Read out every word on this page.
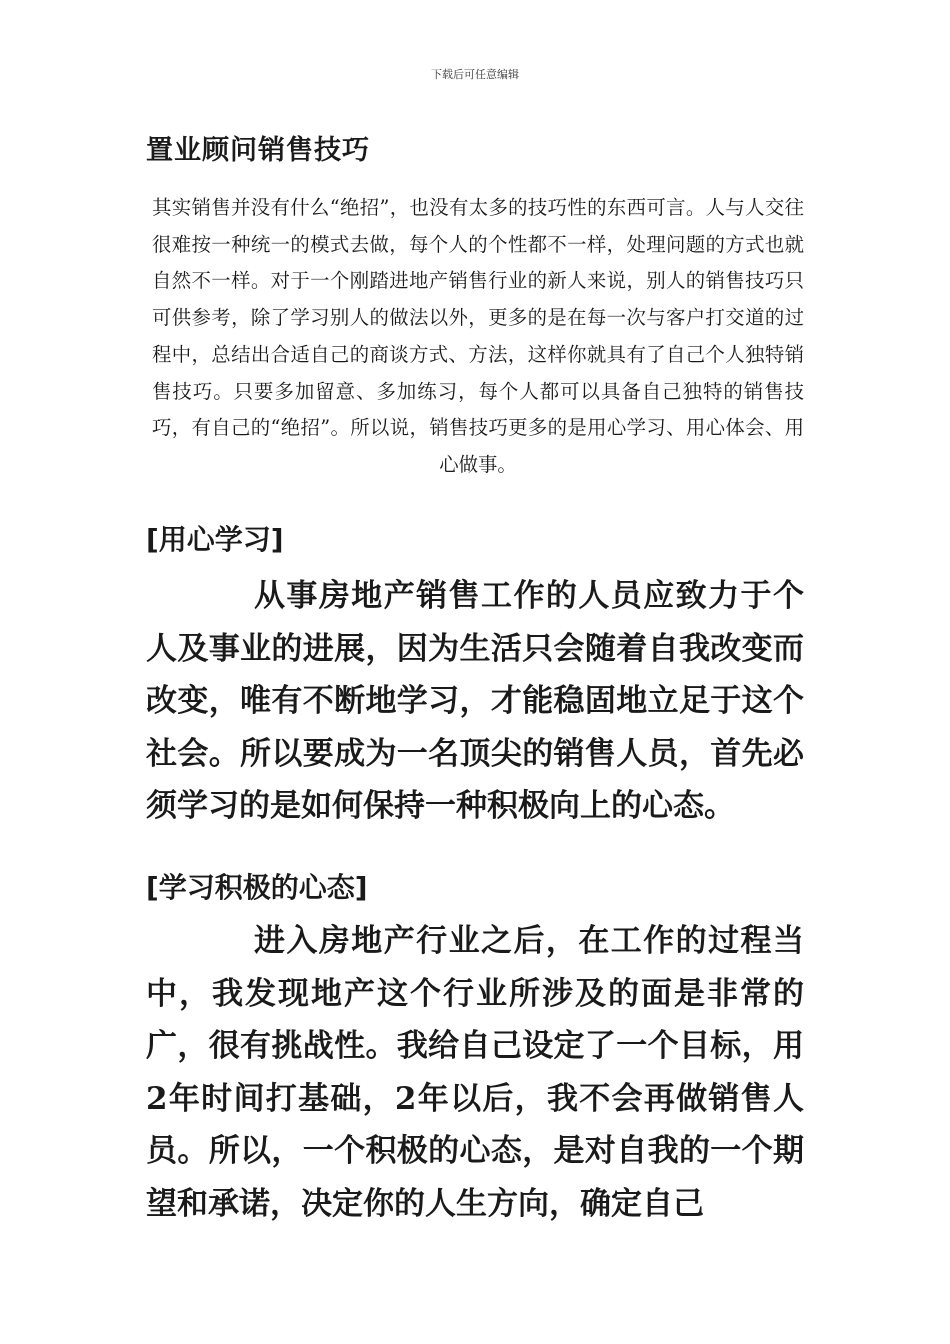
下载后可任意编辑
置业顾问销售技巧

其实销售并没有什么“绝招”，也没有太多的技巧性的东西可言。人与人交往很难按一种统一的模式去做，每个人的个性都不一样，处理问题的方式也就自然不一样。对于一个刚踏进地产销售行业的新人来说，别人的销售技巧只可供参考，除了学习别人的做法以外，更多的是在每一次与客户打交道的过程中，总结出合适自己的商谈方式、方法，这样你就具有了自己个人独特销售技巧。只要多加留意、多加练习，每个人都可以具备自己独特的销售技巧，有自己的“绝招”。所以说，销售技巧更多的是用心学习、用心体会、用心做事。

[用心学习]

从事房地产销售工作的人员应致力于个人及事业的进展，因为生活只会随着自我改变而改变，唯有不断地学习，才能稳固地立足于这个社会。所以要成为一名顶尖的销售人员，首先必须学习的是如何保持一种积极向上的心态。

[学习积极的心态]

进入房地产行业之后，在工作的过程当中，我发现地产这个行业所涉及的面是非常的广，很有挑战性。我给自己设定了一个目标，用2年时间打基础，2年以后，我不会再做销售人员。所以，一个积极的心态，是对自我的一个期望和承诺，决定你的人生方向，确定自己
